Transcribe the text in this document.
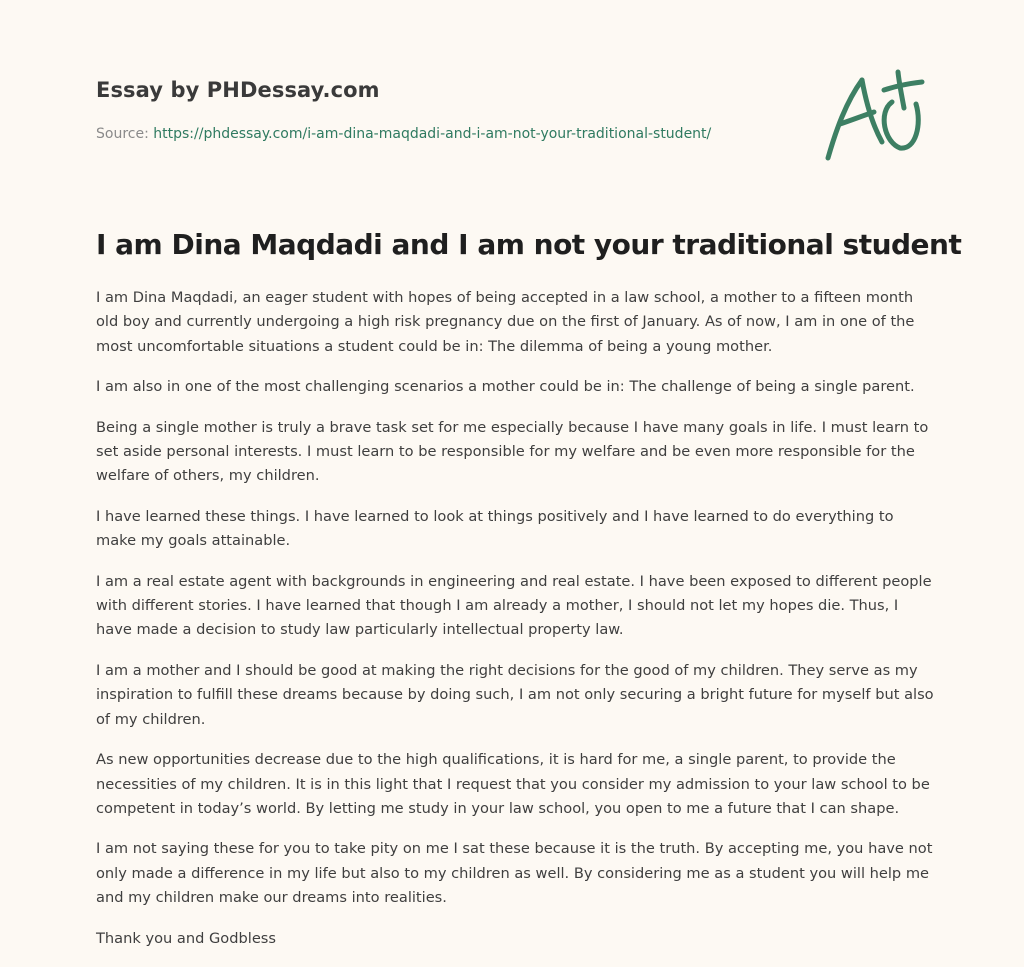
Essay by PHDessay.com
Source: https://phdessay.com/i-am-dina-maqdadi-and-i-am-not-your-traditional-student/
I am Dina Maqdadi and I am not your traditional student

I am Dina Maqdadi, an eager student with hopes of being accepted in a law school, a mother to a fifteen month old boy and currently undergoing a high risk pregnancy due on the first of January. As of now, I am in one of the most uncomfortable situations a student could be in: The dilemma of being a young mother.

I am also in one of the most challenging scenarios a mother could be in: The challenge of being a single parent.

Being a single mother is truly a brave task set for me especially because I have many goals in life. I must learn to set aside personal interests. I must learn to be responsible for my welfare and be even more responsible for the welfare of others, my children.

I have learned these things. I have learned to look at things positively and I have learned to do everything to make my goals attainable.

I am a real estate agent with backgrounds in engineering and real estate. I have been exposed to different people with different stories. I have learned that though I am already a mother, I should not let my hopes die. Thus, I have made a decision to study law particularly intellectual property law.

I am a mother and I should be good at making the right decisions for the good of my children. They serve as my inspiration to fulfill these dreams because by doing such, I am not only securing a bright future for myself but also of my children.

As new opportunities decrease due to the high qualifications, it is hard for me, a single parent, to provide the necessities of my children. It is in this light that I request that you consider my admission to your law school to be competent in today’s world. By letting me study in your law school, you open to me a future that I can shape.

I am not saying these for you to take pity on me I sat these because it is the truth. By accepting me, you have not only made a difference in my life but also to my children as well. By considering me as a student you will help me and my children make our dreams into realities.

Thank you and Godbless
